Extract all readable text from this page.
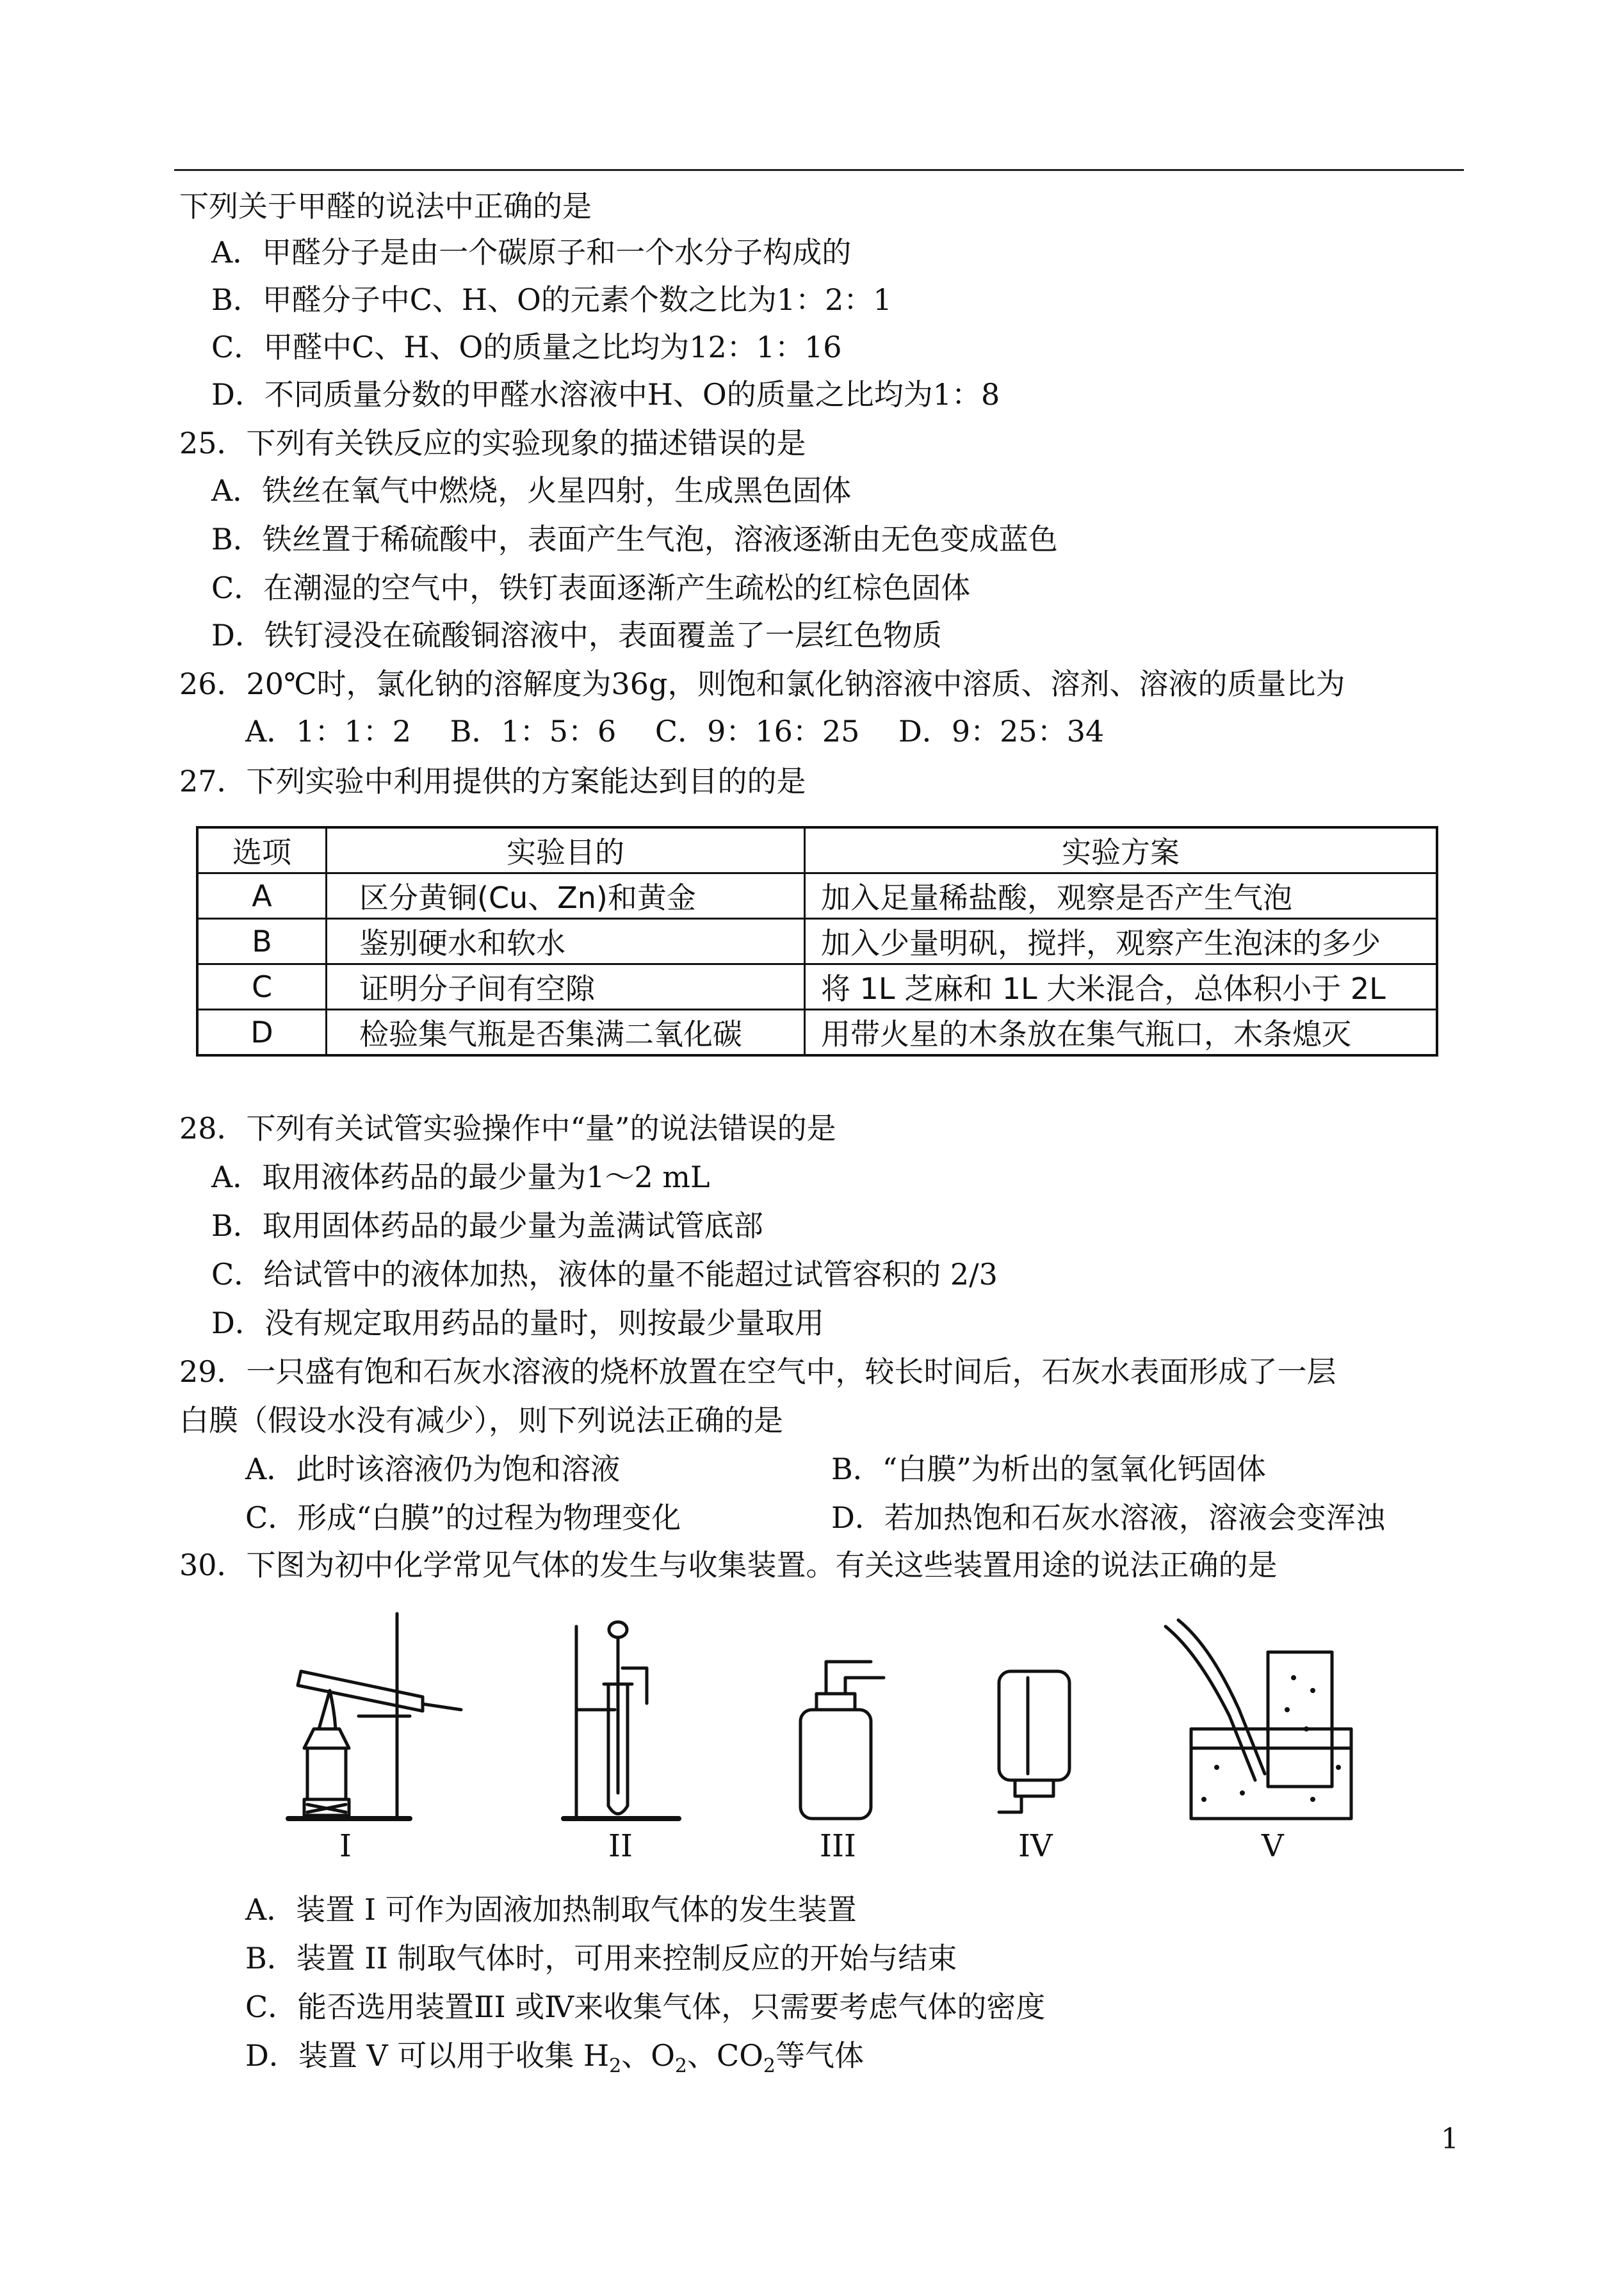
下列关于甲醛的说法中正确的是
A．甲醛分子是由一个碳原子和一个水分子构成的
B．甲醛分子中C、H、O的元素个数之比为1：2：1
C．甲醛中C、H、O的质量之比均为12：1：16
D．不同质量分数的甲醛水溶液中H、O的质量之比均为1：8
25．下列有关铁反应的实验现象的描述错误的是
A．铁丝在氧气中燃烧，火星四射，生成黑色固体
B．铁丝置于稀硫酸中，表面产生气泡，溶液逐渐由无色变成蓝色
C．在潮湿的空气中，铁钉表面逐渐产生疏松的红棕色固体
D．铁钉浸没在硫酸铜溶液中，表面覆盖了一层红色物质
26．20℃时，氯化钠的溶解度为36g，则饱和氯化钠溶液中溶质、溶剂、溶液的质量比为
A．1：1：2　 B．1：5：6　 C．9：16：25　 D．9：25：34
27．下列实验中利用提供的方案能达到目的的是
选项	实验目的	实验方案
A	区分黄铜(Cu、Zn)和黄金	加入足量稀盐酸，观察是否产生气泡
B	鉴别硬水和软水	加入少量明矾，搅拌，观察产生泡沫的多少
C	证明分子间有空隙	将 1L 芝麻和 1L 大米混合，总体积小于 2L
D	检验集气瓶是否集满二氧化碳	用带火星的木条放在集气瓶口，木条熄灭
28．下列有关试管实验操作中“量”的说法错误的是
A．取用液体药品的最少量为1～2 mL
B．取用固体药品的最少量为盖满试管底部
C．给试管中的液体加热，液体的量不能超过试管容积的 2/3
D．没有规定取用药品的量时，则按最少量取用
29．一只盛有饱和石灰水溶液的烧杯放置在空气中，较长时间后，石灰水表面形成了一层
白膜（假设水没有减少），则下列说法正确的是
A．此时该溶液仍为饱和溶液	B．“白膜”为析出的氢氧化钙固体
C．形成“白膜”的过程为物理变化	D．若加热饱和石灰水溶液，溶液会变浑浊
30．下图为初中化学常见气体的发生与收集装置。有关这些装置用途的说法正确的是
I	II	III	IV	V
A．装置 I 可作为固液加热制取气体的发生装置
B．装置 II 制取气体时，可用来控制反应的开始与结束
C．能否选用装置ⅡI 或Ⅳ来收集气体，只需要考虑气体的密度
D．装置 V 可以用于收集 $H_2$、$O_2$、$CO_2$等气体
1
